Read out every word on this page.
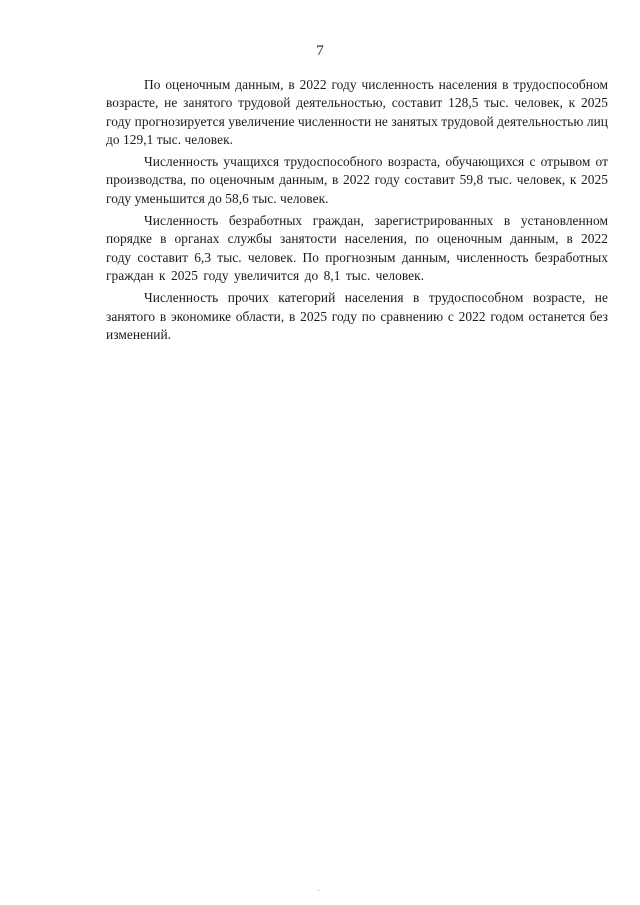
7

По оценочным данным, в 2022 году численность населения в трудоспособном возрасте, не занятого трудовой деятельностью, составит 128,5 тыс. человек, к 2025 году прогнозируется увеличение численности не занятых трудовой деятельностью лиц до 129,1 тыс. человек.

Численность учащихся трудоспособного возраста, обучающихся с отрывом от производства, по оценочным данным, в 2022 году составит 59,8 тыс. человек, к 2025 году уменьшится до 58,6 тыс. человек.

Численность безработных граждан, зарегистрированных в установленном порядке в органах службы занятости населения, по оценочным данным, в 2022 году составит 6,3 тыс. человек. По прогнозным данным, численность безработных граждан к 2025 году увеличится до 8,1 тыс. человек.

Численность прочих категорий населения в трудоспособном возрасте, не занятого в экономике области, в 2025 году по сравнению с 2022 годом останется без изменений.
